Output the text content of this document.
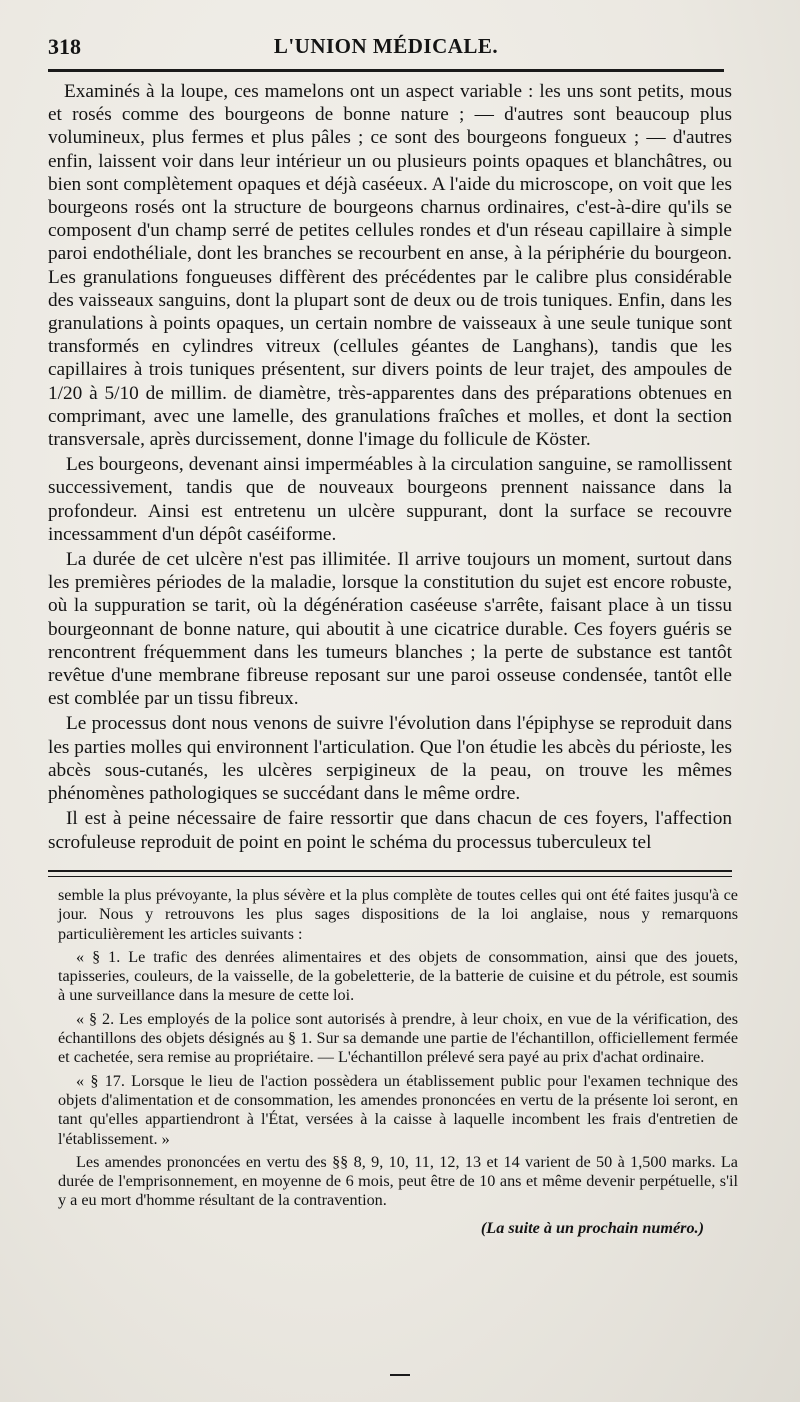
318	L'UNION MÉDICALE.

Examinés à la loupe, ces mamelons ont un aspect variable : les uns sont petits, mous et rosés comme des bourgeons de bonne nature ; — d'autres sont beaucoup plus volumineux, plus fermes et plus pâles ; ce sont des bourgeons fongueux ; — d'autres enfin, laissent voir dans leur intérieur un ou plusieurs points opaques et blanchâtres, ou bien sont complètement opaques et déjà caséeux. A l'aide du microscope, on voit que les bourgeons rosés ont la structure de bourgeons charnus ordinaires, c'est-à-dire qu'ils se composent d'un champ serré de petites cellules rondes et d'un réseau capillaire à simple paroi endothéliale, dont les branches se recourbent en anse, à la périphérie du bourgeon. Les granulations fongueuses diffèrent des précédentes par le calibre plus considérable des vaisseaux sanguins, dont la plupart sont de deux ou de trois tuniques. Enfin, dans les granulations à points opaques, un certain nombre de vaisseaux à une seule tunique sont transformés en cylindres vitreux (cellules géantes de Langhans), tandis que les capillaires à trois tuniques présentent, sur divers points de leur trajet, des ampoules de 1/20 à 5/10 de millim. de diamètre, très-apparentes dans des préparations obtenues en comprimant, avec une lamelle, des granulations fraîches et molles, et dont la section transversale, après durcissement, donne l'image du follicule de Köster.

Les bourgeons, devenant ainsi imperméables à la circulation sanguine, se ramollissent successivement, tandis que de nouveaux bourgeons prennent naissance dans la profondeur. Ainsi est entretenu un ulcère suppurant, dont la surface se recouvre incessamment d'un dépôt caséiforme.

La durée de cet ulcère n'est pas illimitée. Il arrive toujours un moment, surtout dans les premières périodes de la maladie, lorsque la constitution du sujet est encore robuste, où la suppuration se tarit, où la dégénération caséeuse s'arrête, faisant place à un tissu bourgeonnant de bonne nature, qui aboutit à une cicatrice durable. Ces foyers guéris se rencontrent fréquemment dans les tumeurs blanches ; la perte de substance est tantôt revêtue d'une membrane fibreuse reposant sur une paroi osseuse condensée, tantôt elle est comblée par un tissu fibreux.

Le processus dont nous venons de suivre l'évolution dans l'épiphyse se reproduit dans les parties molles qui environnent l'articulation. Que l'on étudie les abcès du périoste, les abcès sous-cutanés, les ulcères serpigineux de la peau, on trouve les mêmes phénomènes pathologiques se succédant dans le même ordre.

Il est à peine nécessaire de faire ressortir que dans chacun de ces foyers, l'affection scrofuleuse reproduit de point en point le schéma du processus tuberculeux tel

semble la plus prévoyante, la plus sévère et la plus complète de toutes celles qui ont été faites jusqu'à ce jour. Nous y retrouvons les plus sages dispositions de la loi anglaise, nous y remarquons particulièrement les articles suivants :

« § 1. Le trafic des denrées alimentaires et des objets de consommation, ainsi que des jouets, tapisseries, couleurs, de la vaisselle, de la gobeletterie, de la batterie de cuisine et du pétrole, est soumis à une surveillance dans la mesure de cette loi.

« § 2. Les employés de la police sont autorisés à prendre, à leur choix, en vue de la vérification, des échantillons des objets désignés au § 1. Sur sa demande une partie de l'échantillon, officiellement fermée et cachetée, sera remise au propriétaire. — L'échantillon prélevé sera payé au prix d'achat ordinaire.

« § 17. Lorsque le lieu de l'action possèdera un établissement public pour l'examen technique des objets d'alimentation et de consommation, les amendes prononcées en vertu de la présente loi seront, en tant qu'elles appartiendront à l'État, versées à la caisse à laquelle incombent les frais d'entretien de l'établissement. »

Les amendes prononcées en vertu des §§ 8, 9, 10, 11, 12, 13 et 14 varient de 50 à 1,500 marks. La durée de l'emprisonnement, en moyenne de 6 mois, peut être de 10 ans et même devenir perpétuelle, s'il y a eu mort d'homme résultant de la contravention.

(La suite à un prochain numéro.)
